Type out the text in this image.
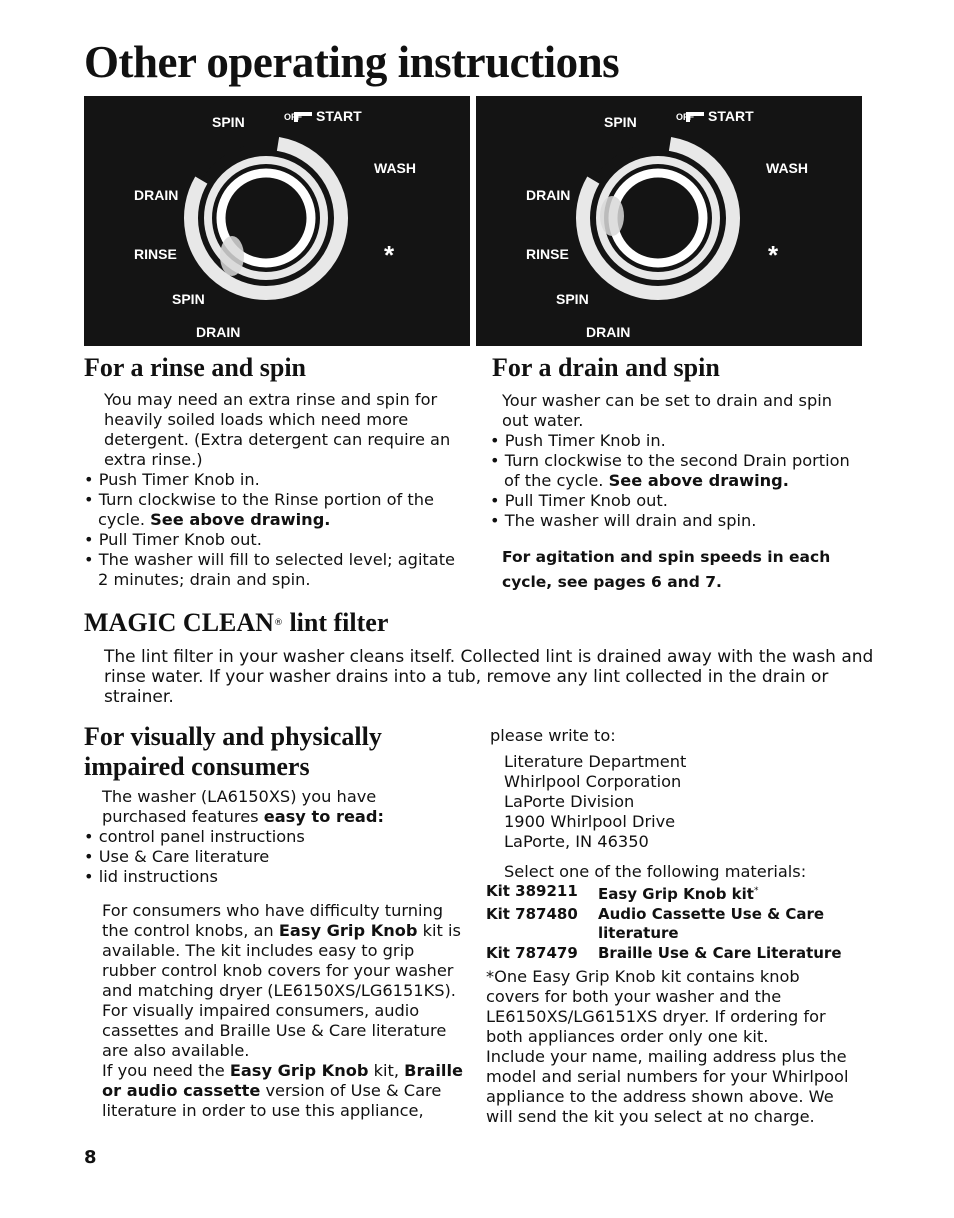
Other operating instructions
SPIN	OFF START
WASH
DRAIN
RINSE
SPIN
DRAIN
*
SPIN	OFF START
WASH
DRAIN
RINSE
SPIN
DRAIN
*
For a rinse and spin

You may need an extra rinse and spin for heavily soiled loads which need more detergent. (Extra detergent can require an extra rinse.)

• Push Timer Knob in.
• Turn clockwise to the Rinse portion of the cycle. See above drawing.
• Pull Timer Knob out.
• The washer will fill to selected level; agitate 2 minutes; drain and spin.
For a drain and spin

Your washer can be set to drain and spin out water.

• Push Timer Knob in.
• Turn clockwise to the second Drain portion of the cycle. See above drawing.
• Pull Timer Knob out.
• The washer will drain and spin.

For agitation and spin speeds in each cycle, see pages 6 and 7.

MAGIC CLEAN® lint filter

The lint filter in your washer cleans itself. Collected lint is drained away with the wash and rinse water. If your washer drains into a tub, remove any lint collected in the drain or strainer.

For visually and physically
impaired consumers

The washer (LA6150XS) you have purchased features easy to read:

• control panel instructions
• Use & Care literature
• lid instructions

For consumers who have difficulty turning the control knobs, an Easy Grip Knob kit is available. The kit includes easy to grip rubber control knob covers for your washer and matching dryer (LE6150XS/LG6151KS).

For visually impaired consumers, audio cassettes and Braille Use & Care literature are also available.

If you need the Easy Grip Knob kit, Braille or audio cassette version of Use & Care literature in order to use this appliance,

please write to:

Literature Department
Whirlpool Corporation
LaPorte Division
1900 Whirlpool Drive
LaPorte, IN 46350

Select one of the following materials:

Kit 389211	Easy Grip Knob kit*
Kit 787480	Audio Cassette Use & Care literature
Kit 787479	Braille Use & Care Literature

*One Easy Grip Knob kit contains knob covers for both your washer and the LE6150XS/LG6151XS dryer. If ordering for both appliances order only one kit.

Include your name, mailing address plus the model and serial numbers for your Whirlpool appliance to the address shown above. We will send the kit you select at no charge.

8
